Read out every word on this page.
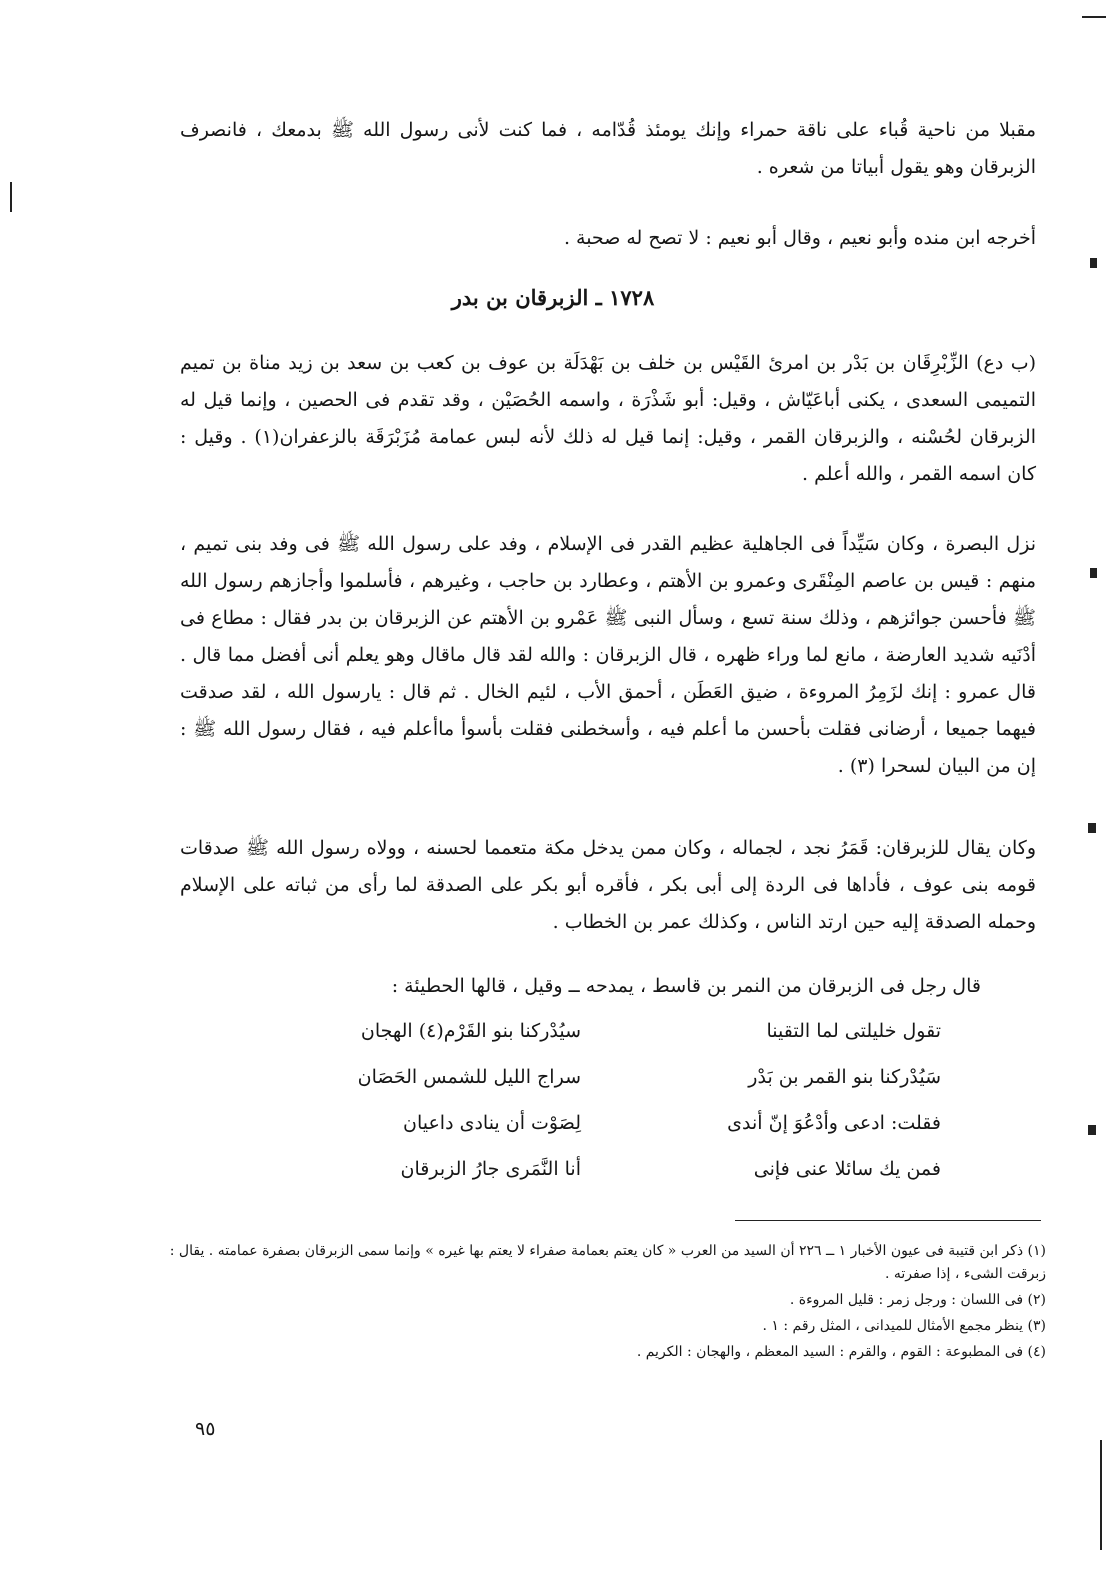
مقبلا من ناحية قُباء على ناقة حمراء وإنك يومئذ قُدّامه ، فما كنت لأنى رسول الله ﷺ بدمعك ، فانصرف الزبرقان وهو يقول أبياتا من شعره .

أخرجه ابن منده وأبو نعيم ، وقال أبو نعيم : لا تصح له صحبة .

١٧٢٨ ـ الزبرقان بن بدر

(ب دع) الزِّبْرِقَان بن بَدْر بن امرئ القَيْس بن خلف بن بَهْدَلَة بن عوف بن كعب بن سعد بن زيد مناة بن تميم التميمى السعدى ، يكنى أباعَيّاش ، وقيل: أبو شَذْرَة ، واسمه الحُصَيْن ، وقد تقدم فى الحصين ، وإنما قيل له الزبرقان لحُسْنه ، والزبرقان القمر ، وقيل: إنما قيل له ذلك لأنه لبس عمامة مُزَبْرَقَة بالزعفران(١) . وقيل : كان اسمه القمر ، والله أعلم .

نزل البصرة ، وكان سَيِّداً فى الجاهلية عظيم القدر فى الإسلام ، وفد على رسول الله ﷺ فى وفد بنى تميم ، منهم : قيس بن عاصم المِنْقَرى وعمرو بن الأهتم ، وعطارد بن حاجب ، وغيرهم ، فأسلموا وأجازهم رسول الله ﷺ فأحسن جوائزهم ، وذلك سنة تسع ، وسأل النبى ﷺ عَمْرو بن الأهتم عن الزبرقان بن بدر فقال : مطاع فى أدْنَيه شديد العارضة ، مانع لما وراء ظهره ، قال الزبرقان : والله لقد قال ماقال وهو يعلم أنى أفضل مما قال . قال عمرو : إنك لزَمِرُ المروءة ، ضيق العَطَن ، أحمق الأب ، لئيم الخال . ثم قال : يارسول الله ، لقد صدقت فيهما جميعا ، أرضانى فقلت بأحسن ما أعلم فيه ، وأسخطنى فقلت بأسوأ ماأعلم فيه ، فقال رسول الله ﷺ : إن من البيان لسحرا (٣) .

وكان يقال للزبرقان: قَمَرُ نجد ، لجماله ، وكان ممن يدخل مكة متعمما لحسنه ، وولاه رسول الله ﷺ صدقات قومه بنى عوف ، فأداها فى الردة إلى أبى بكر ، فأقره أبو بكر على الصدقة لما رأى من ثباته على الإسلام وحمله الصدقة إليه حين ارتد الناس ، وكذلك عمر بن الخطاب .

قال رجل فى الزبرقان من النمر بن قاسط ، يمدحه ــ وقيل ، قالها الحطيئة :

تقول خليلتى لما التقينا
سيُدْركنا بنو القَرْم(٤) الهجان
سَيُدْركنا بنو القمر بن بَدْر
سراج الليل للشمس الحَصَان
فقلت: ادعى وأدْعُوَ إنّ أندى
لِصَوْت أن ينادى داعيان
فمن يك سائلا عنى فإنى
أنا النَّمَرى جارُ الزبرقان

(١) ذكر ابن قتيبة فى عيون الأخبار ١ ــ ٢٢٦ أن السيد من العرب « كان يعتم بعمامة صفراء لا يعتم بها غيره » وإنما سمى الزبرقان بصفرة عمامته . يقال : زبرقت الشىء ، إذا صفرته .

(٢) فى اللسان : ورجل زمر : قليل المروءة .

(٣) ينظر مجمع الأمثال للميدانى ، المثل رقم : ١ .

(٤) فى المطبوعة : القوم ، والقرم : السيد المعظم ، والهجان : الكريم .

٩٥
